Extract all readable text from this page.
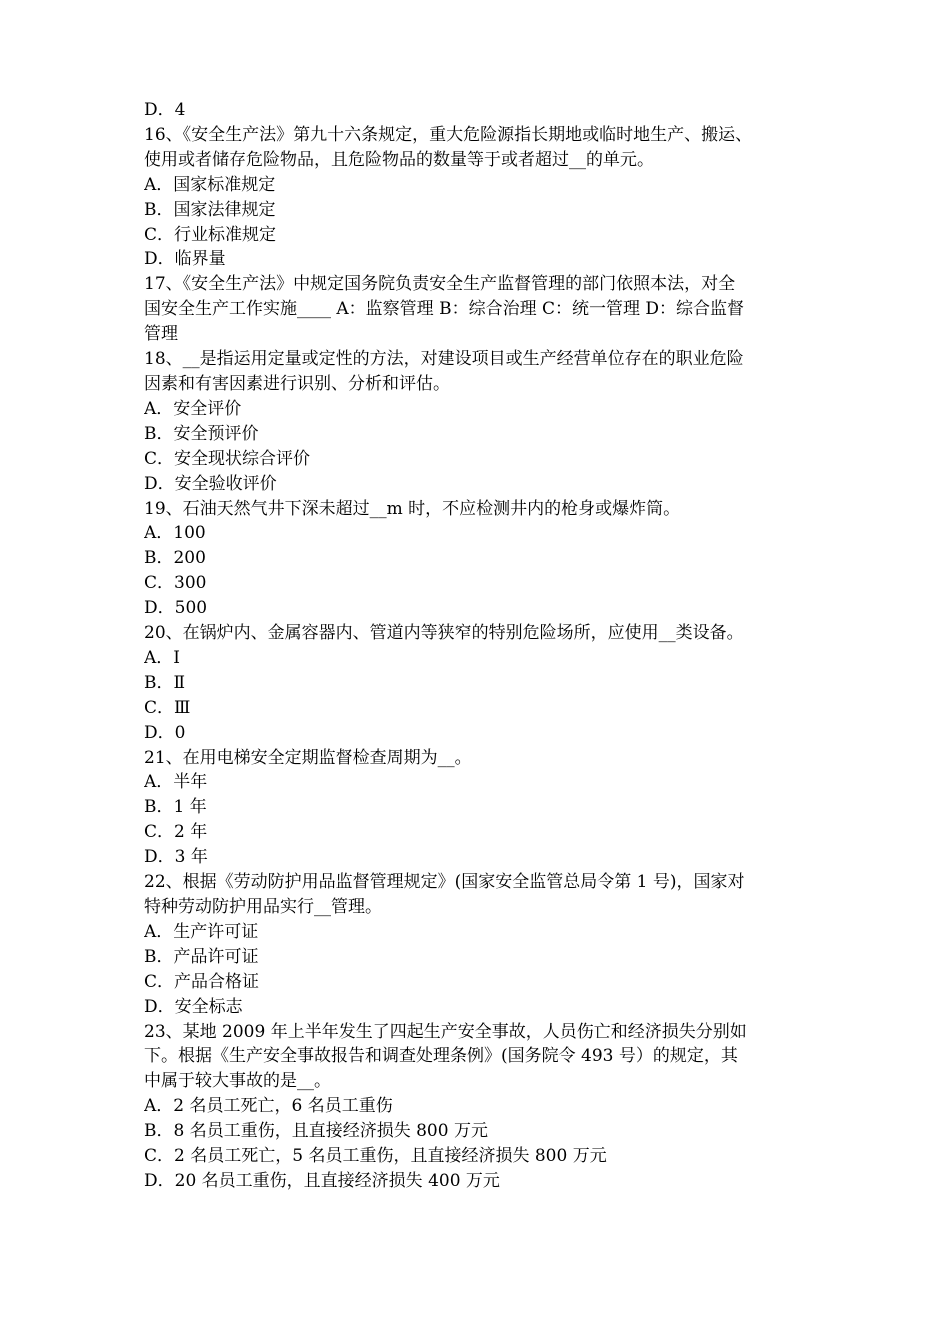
D．4
16、《安全生产法》第九十六条规定，重大危险源指长期地或临时地生产、搬运、
使用或者储存危险物品，且危险物品的数量等于或者超过__的单元。
A．国家标准规定
B．国家法律规定
C．行业标准规定
D．临界量
17、《安全生产法》中规定国务院负责安全生产监督管理的部门依照本法，对全
国安全生产工作实施____ A：监察管理 B：综合治理 C：统一管理 D：综合监督
管理
18、__是指运用定量或定性的方法，对建设项目或生产经营单位存在的职业危险
因素和有害因素进行识别、分析和评估。
A．安全评价
B．安全预评价
C．安全现状综合评价
D．安全验收评价
19、石油天然气井下深未超过__m 时，不应检测井内的枪身或爆炸筒。
A．100
B．200
C．300
D．500
20、在锅炉内、金属容器内、管道内等狭窄的特别危险场所，应使用__类设备。
A．Ⅰ
B．Ⅱ
C．Ⅲ
D．0
21、在用电梯安全定期监督检查周期为__。
A．半年
B．1 年
C．2 年
D．3 年
22、根据《劳动防护用品监督管理规定》(国家安全监管总局令第 1 号)，国家对
特种劳动防护用品实行__管理。
A．生产许可证
B．产品许可证
C．产品合格证
D．安全标志
23、某地 2009 年上半年发生了四起生产安全事故，人员伤亡和经济损失分别如
下。根据《生产安全事故报告和调查处理条例》(国务院令 493 号）的规定，其
中属于较大事故的是__。
A．2 名员工死亡，6 名员工重伤
B．8 名员工重伤，且直接经济损失 800 万元
C．2 名员工死亡，5 名员工重伤，且直接经济损失 800 万元
D．20 名员工重伤，且直接经济损失 400 万元
